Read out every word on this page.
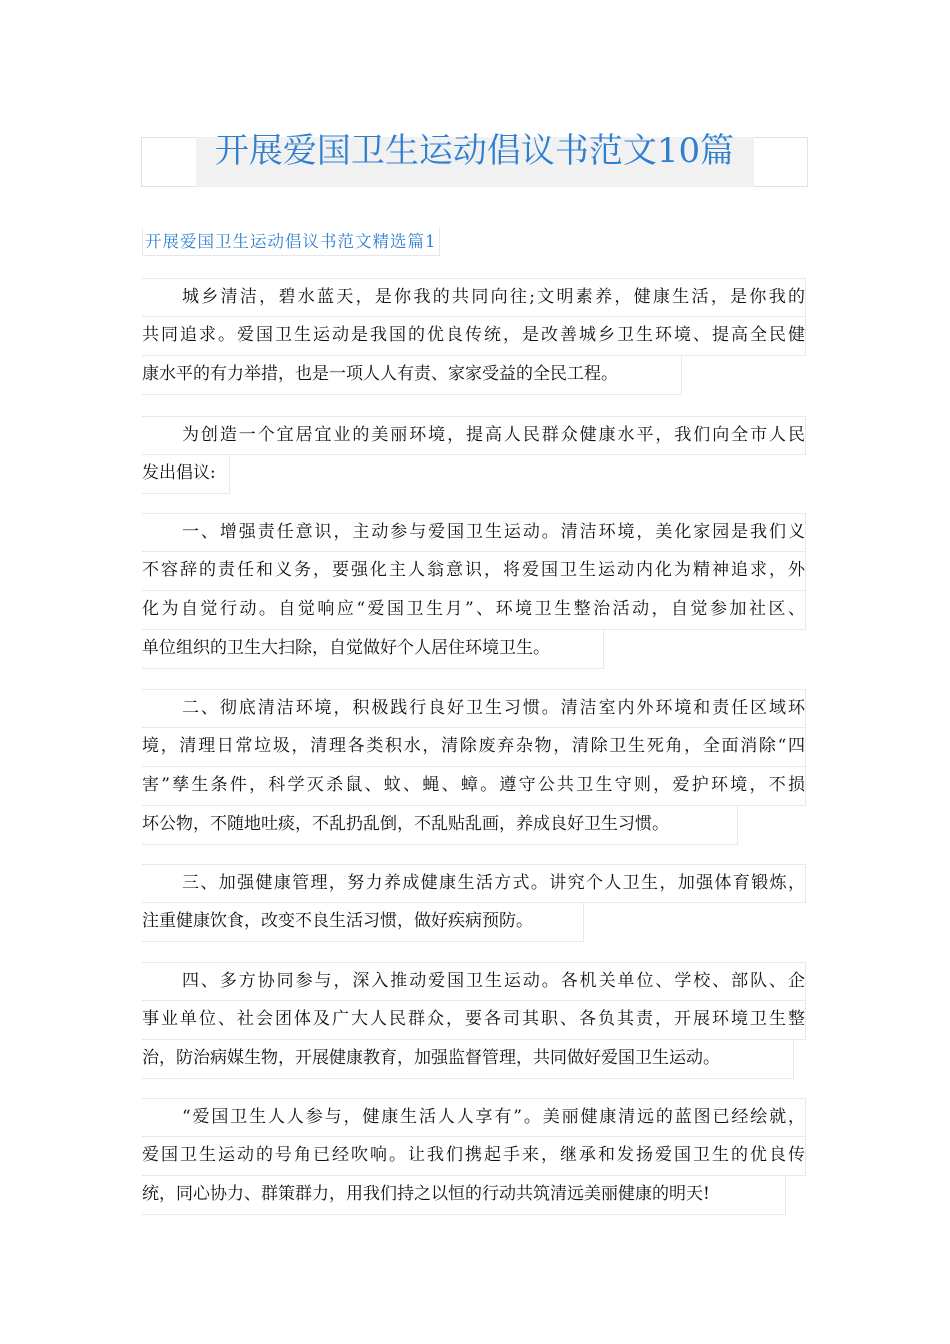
开展爱国卫生运动倡议书范文10篇
开展爱国卫生运动倡议书范文精选篇1
城乡清洁，碧水蓝天，是你我的共同向往;文明素养，健康生活，是你我的
共同追求。爱国卫生运动是我国的优良传统，是改善城乡卫生环境、提高全民健
康水平的有力举措，也是一项人人有责、家家受益的全民工程。
为创造一个宜居宜业的美丽环境，提高人民群众健康水平，我们向全市人民
发出倡议:
一、增强责任意识，主动参与爱国卫生运动。清洁环境，美化家园是我们义
不容辞的责任和义务，要强化主人翁意识，将爱国卫生运动内化为精神追求，外
化为自觉行动。自觉响应“爱国卫生月”、环境卫生整治活动，自觉参加社区、
单位组织的卫生大扫除，自觉做好个人居住环境卫生。
二、彻底清洁环境，积极践行良好卫生习惯。清洁室内外环境和责任区域环
境，清理日常垃圾，清理各类积水，清除废弃杂物，清除卫生死角，全面消除“四
害”孳生条件，科学灭杀鼠、蚊、蝇、蟑。遵守公共卫生守则，爱护环境，不损
坏公物，不随地吐痰，不乱扔乱倒，不乱贴乱画，养成良好卫生习惯。
三、加强健康管理，努力养成健康生活方式。讲究个人卫生，加强体育锻炼，
注重健康饮食，改变不良生活习惯，做好疾病预防。
四、多方协同参与，深入推动爱国卫生运动。各机关单位、学校、部队、企
事业单位、社会团体及广大人民群众，要各司其职、各负其责，开展环境卫生整
治，防治病媒生物，开展健康教育，加强监督管理，共同做好爱国卫生运动。
“爱国卫生人人参与，健康生活人人享有”。美丽健康清远的蓝图已经绘就，
爱国卫生运动的号角已经吹响。让我们携起手来，继承和发扬爱国卫生的优良传
统，同心协力、群策群力，用我们持之以恒的行动共筑清远美丽健康的明天!
